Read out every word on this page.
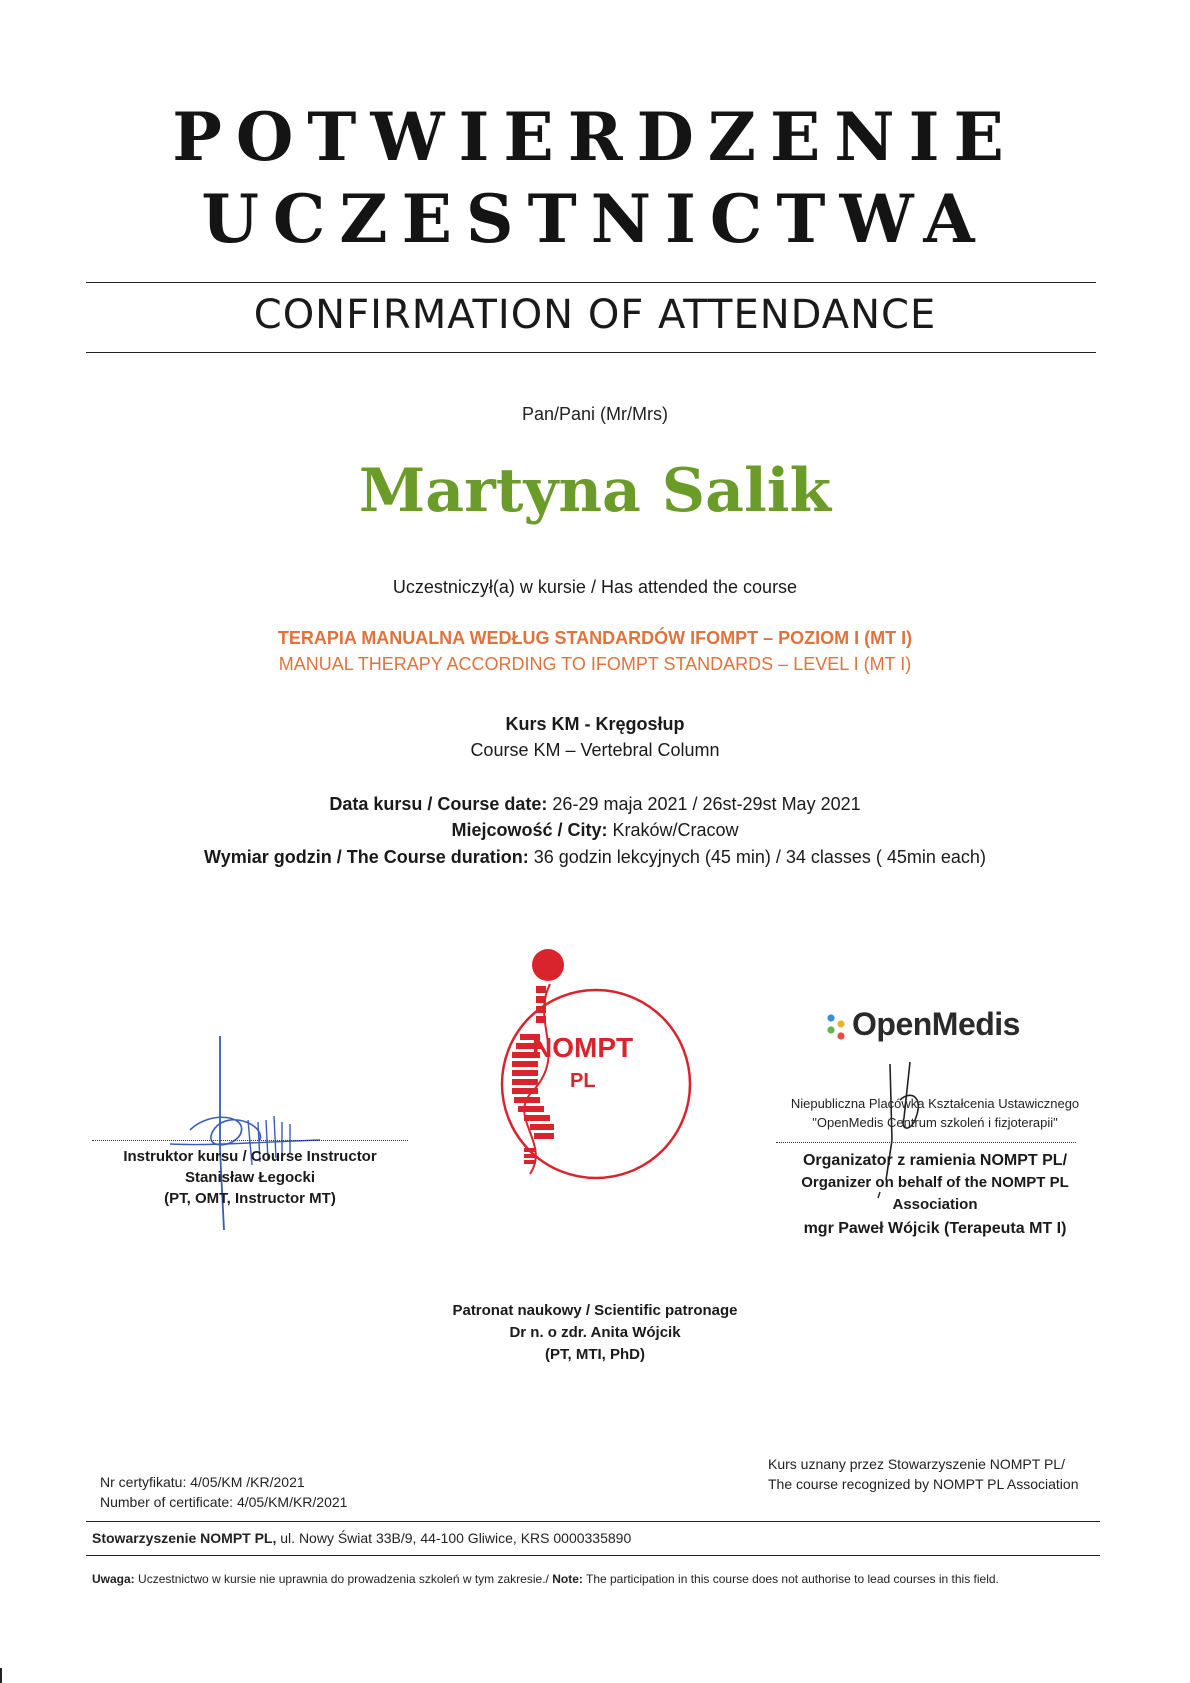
POTWIERDZENIE
UCZESTNICTWA
CONFIRMATION OF ATTENDANCE
Pan/Pani (Mr/Mrs)
Martyna Salik
Uczestniczył(a) w kursie / Has attended the course
TERAPIA MANUALNA WEDŁUG STANDARDÓW IFOMPT – POZIOM I (MT I)
MANUAL THERAPY ACCORDING TO IFOMPT STANDARDS – LEVEL I (MT I)
Kurs KM - Kręgosłup
Course KM – Vertebral Column
Data kursu / Course date: 26-29 maja 2021 / 26st-29st May 2021
Miejcowość / City: Kraków/Cracow
Wymiar godzin / The Course duration: 36 godzin lekcyjnych (45 min) / 34 classes ( 45min each)
NOMPT
PL
OpenMedis
Instruktor kursu / Course Instructor
Stanisław Łegocki
(PT, OMT, Instructor MT)
Niepubliczna Placówka Kształcenia Ustawicznego
"OpenMedis Centrum szkoleń i fizjoterapii"
Organizator z ramienia NOMPT PL/
Organizer on behalf of the NOMPT PL
Association
mgr Paweł Wójcik (Terapeuta MT I)
Patronat naukowy / Scientific patronage
Dr n. o zdr. Anita Wójcik
(PT, MTI, PhD)
Nr certyfikatu: 4/05/KM /KR/2021
Number of certificate: 4/05/KM/KR/2021
Kurs uznany przez Stowarzyszenie NOMPT PL/
The course recognized by NOMPT PL Association
Stowarzyszenie NOMPT PL, ul. Nowy Świat 33B/9, 44-100 Gliwice, KRS 0000335890
Uwaga: Uczestnictwo w kursie nie uprawnia do prowadzenia szkoleń w tym zakresie./ Note: The participation in this course does not authorise to lead courses in this field.
